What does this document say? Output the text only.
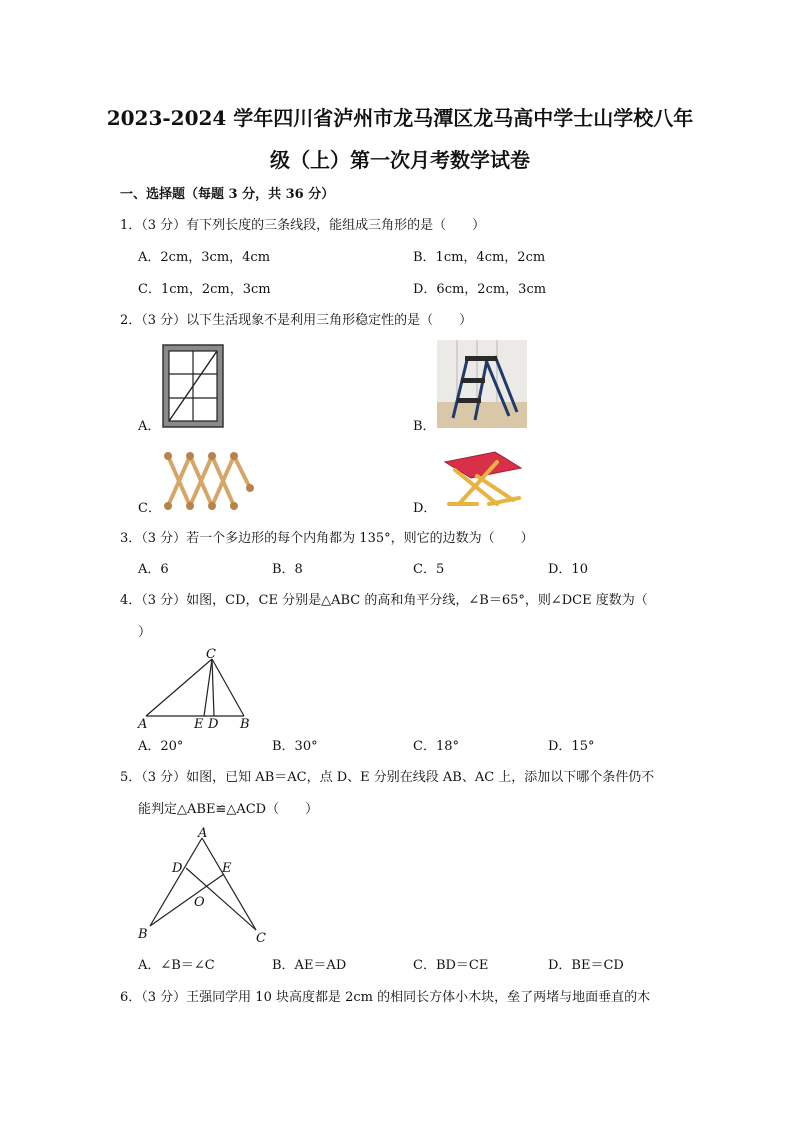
2023-2024 学年四川省泸州市龙马潭区龙马高中学士山学校八年
级（上）第一次月考数学试卷
一、选择题（每题 3 分，共 36 分）
1．（3 分）有下列长度的三条线段，能组成三角形的是（　　）
A．2cm，3cm，4cm	B．1cm，4cm，2cm
C．1cm，2cm，3cm	D．6cm，2cm，3cm
2．（3 分）以下生活现象不是利用三角形稳定性的是（　　）
A．	B．
C．	D．
3．（3 分）若一个多边形的每个内角都为 135°，则它的边数为（　　）
A．6	B．8	C．5	D．10
4．（3 分）如图，CD，CE 分别是△ABC 的高和角平分线，∠B＝65°，则∠DCE 度数为（
）
C
A	E D B
A．20°	B．30°	C．18°	D．15°
5．（3 分）如图，已知 AB＝AC，点 D、E 分别在线段 AB、AC 上，添加以下哪个条件仍不
能判定△ABE≌△ACD（　　）
A
D	E
O
B	C
A．∠B＝∠C	B．AE＝AD	C．BD＝CE	D．BE＝CD
6．（3 分）王强同学用 10 块高度都是 2cm 的相同长方体小木块，垒了两堵与地面垂直的木
